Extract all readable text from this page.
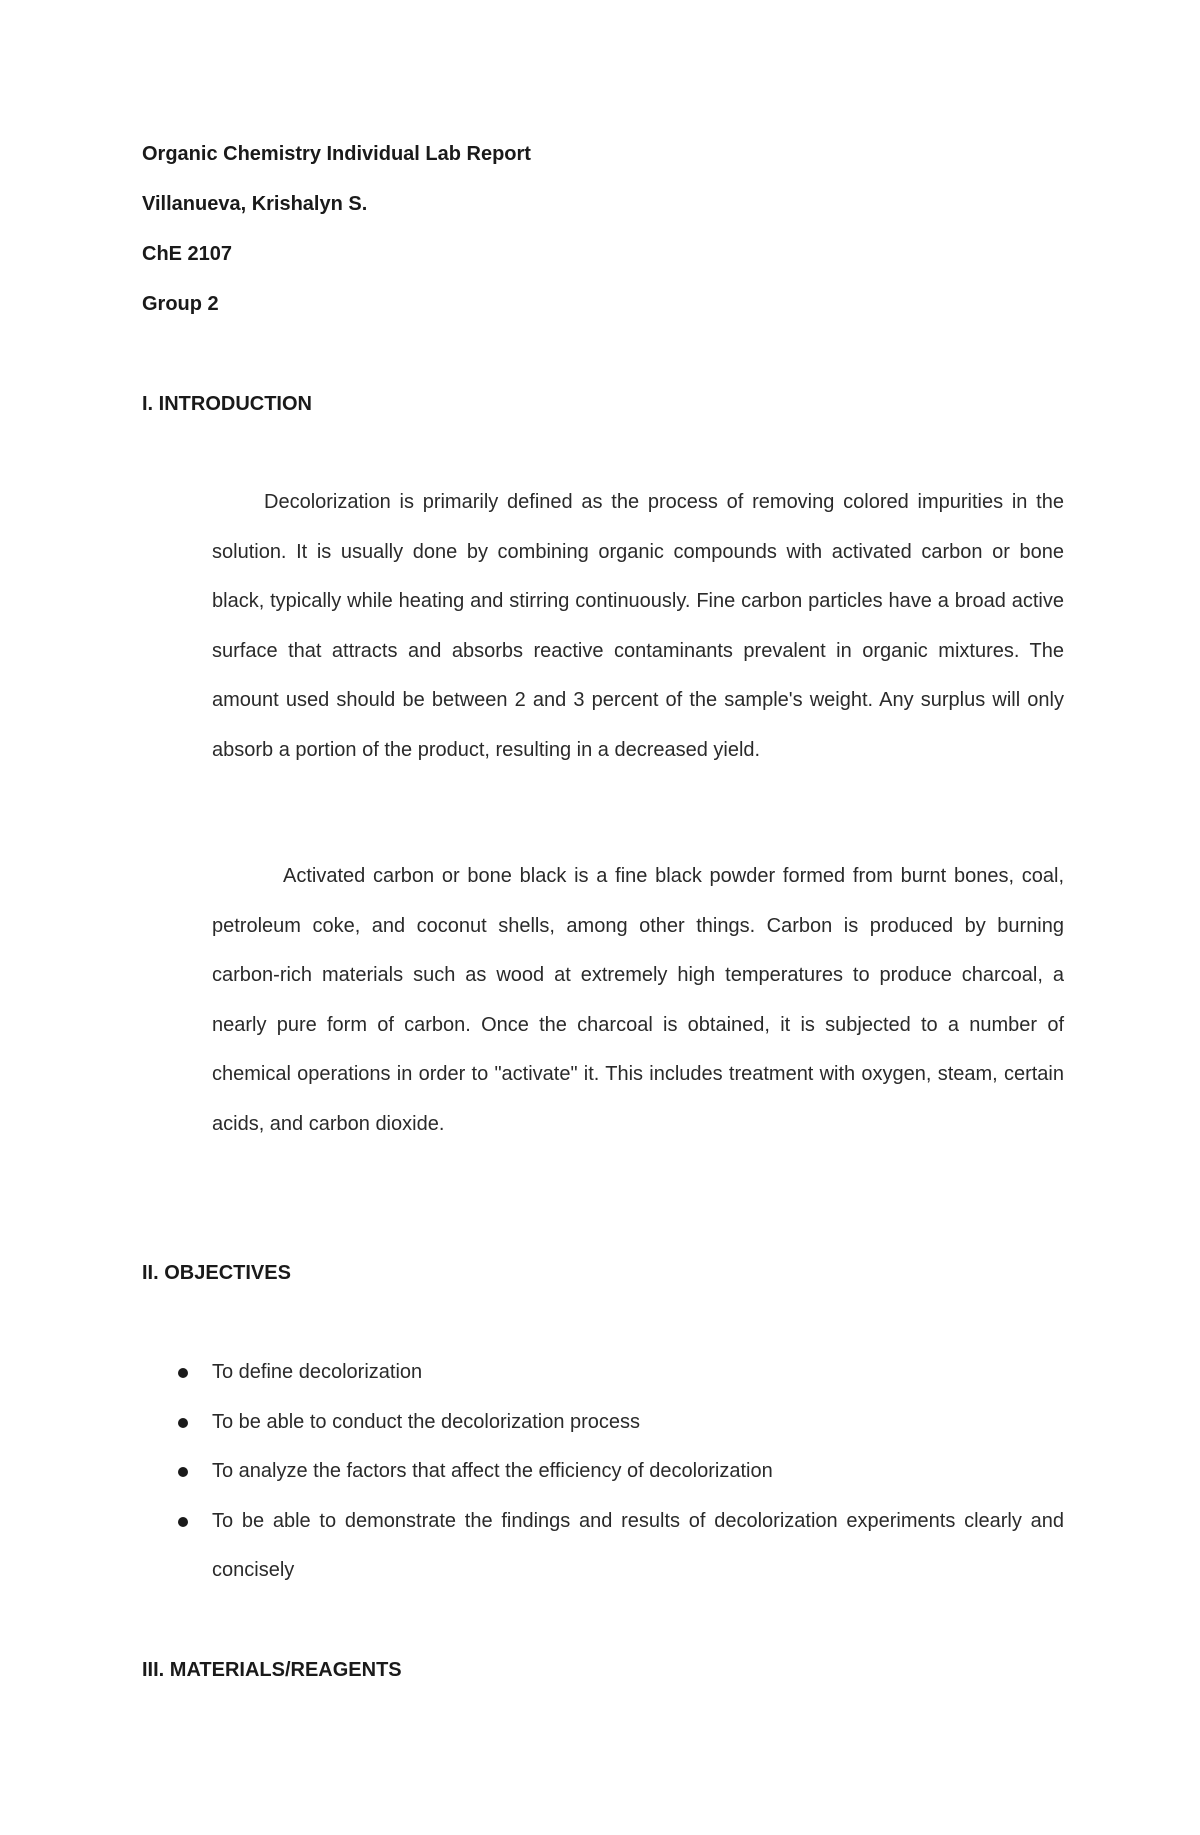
Organic Chemistry Individual Lab Report
Villanueva, Krishalyn S.
ChE 2107
Group 2
I. INTRODUCTION

Decolorization is primarily defined as the process of removing colored impurities in the solution. It is usually done by combining organic compounds with activated carbon or bone black, typically while heating and stirring continuously. Fine carbon particles have a broad active surface that attracts and absorbs reactive contaminants prevalent in organic mixtures. The amount used should be between 2 and 3 percent of the sample's weight. Any surplus will only absorb a portion of the product, resulting in a decreased yield.

Activated carbon or bone black is a fine black powder formed from burnt bones, coal, petroleum coke, and coconut shells, among other things. Carbon is produced by burning carbon-rich materials such as wood at extremely high temperatures to produce charcoal, a nearly pure form of carbon. Once the charcoal is obtained, it is subjected to a number of chemical operations in order to "activate" it. This includes treatment with oxygen, steam, certain acids, and carbon dioxide.

II. OBJECTIVES
To define decolorization
To be able to conduct the decolorization process
To analyze the factors that affect the efficiency of decolorization
To be able to demonstrate the findings and results of decolorization experiments clearly and concisely
III. MATERIALS/REAGENTS
